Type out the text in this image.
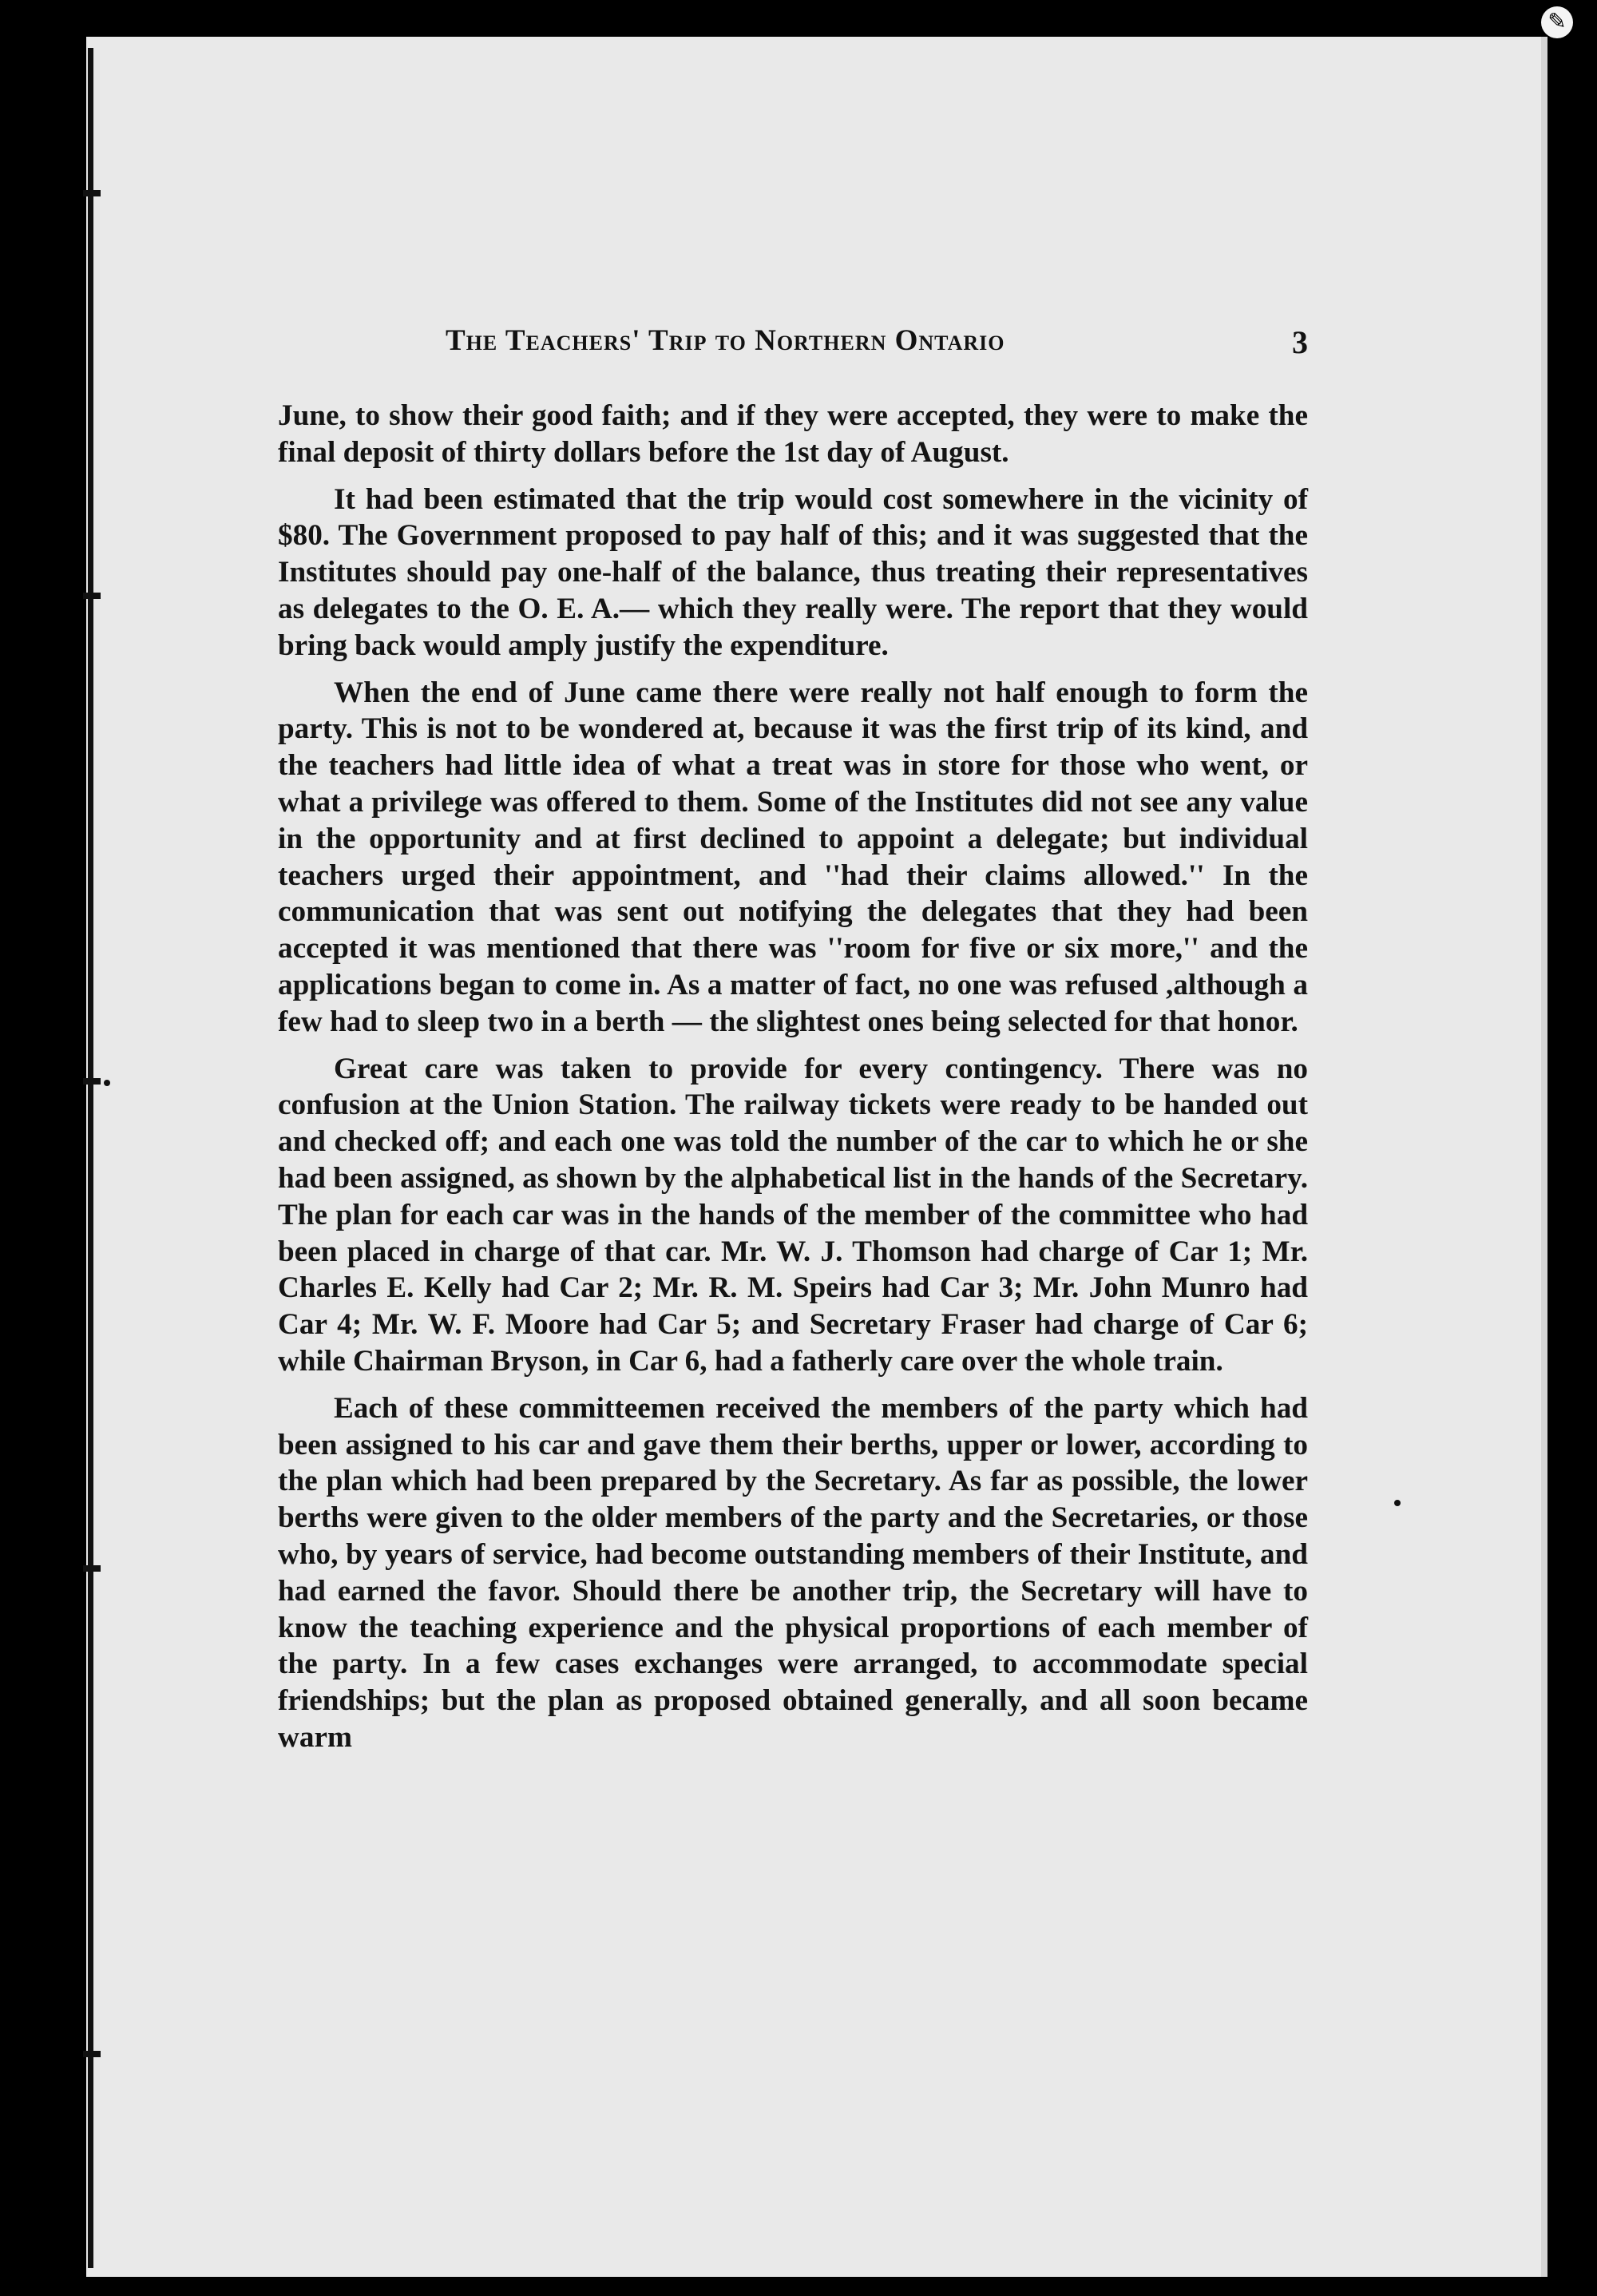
✎
The Teachers' Trip to Northern Ontario	3

June, to show their good faith; and if they were accepted, they were to make the final deposit of thirty dollars before the 1st day of August.

It had been estimated that the trip would cost somewhere in the vicinity of $80. The Government proposed to pay half of this; and it was suggested that the Institutes should pay one-half of the balance, thus treating their representatives as delegates to the O. E. A.— which they really were. The report that they would bring back would amply justify the expenditure.

When the end of June came there were really not half enough to form the party. This is not to be wondered at, because it was the first trip of its kind, and the teachers had little idea of what a treat was in store for those who went, or what a privilege was offered to them. Some of the Institutes did not see any value in the opportunity and at first declined to appoint a delegate; but individual teachers urged their appointment, and ''had their claims allowed.'' In the communication that was sent out notifying the delegates that they had been accepted it was mentioned that there was ''room for five or six more,'' and the applications began to come in. As a matter of fact, no one was refused ,although a few had to sleep two in a berth — the slightest ones being selected for that honor.

Great care was taken to provide for every contingency. There was no confusion at the Union Station. The railway tickets were ready to be handed out and checked off; and each one was told the number of the car to which he or she had been assigned, as shown by the alphabetical list in the hands of the Secretary. The plan for each car was in the hands of the member of the committee who had been placed in charge of that car. Mr. W. J. Thomson had charge of Car 1; Mr. Charles E. Kelly had Car 2; Mr. R. M. Speirs had Car 3; Mr. John Munro had Car 4; Mr. W. F. Moore had Car 5; and Secretary Fraser had charge of Car 6; while Chairman Bryson, in Car 6, had a fatherly care over the whole train.

Each of these committeemen received the members of the party which had been assigned to his car and gave them their berths, upper or lower, according to the plan which had been prepared by the Secretary. As far as possible, the lower berths were given to the older members of the party and the Secretaries, or those who, by years of service, had become outstanding members of their Institute, and had earned the favor. Should there be another trip, the Secretary will have to know the teaching experience and the physical proportions of each member of the party. In a few cases exchanges were arranged, to accommodate special friendships; but the plan as proposed obtained generally, and all soon became warm
